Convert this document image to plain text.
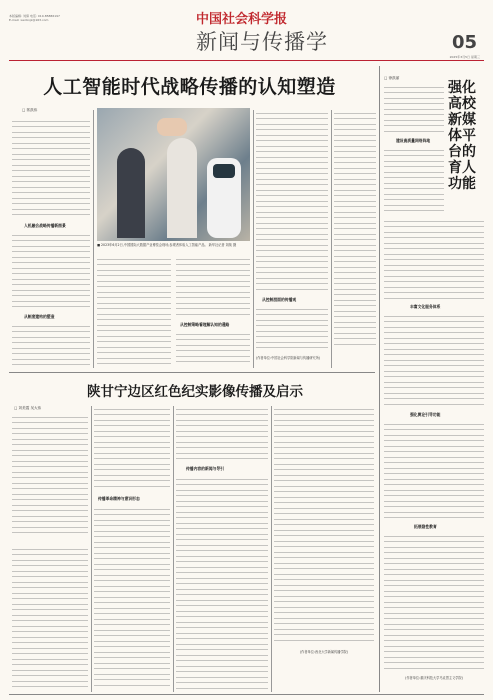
本版编辑: 刘倩 电话: 010-85886197
E-mail: xwcbxjz@163.com	中国社会科学报
新闻与传播学	05
2025年3月5日 星期三
人工智能时代战略传播的认知塑造
□ 郭凯伟
人机融合战略传播新图景
从制度建构的塑造
■ 2023年6月2日,中国国际大数据产业博览会现场,参观者体验人工智能产品。 新华社记者 刘续 摄
从控制策略看理解认知的通路
从控制层面的传播观
(作者单位:中国社会科学院新闻与传播研究所)
强化高校新媒体平台的育人功能
□ 徐凯丽
建设高质量网络阵地
丰富文化服务体系
强化舆论引导功能
拓展隐性教育
(作者单位:重庆科技大学马克思主义学院)
陕甘宁边区红色纪实影像传播及启示
□ 刘美霞 吴大伟
传播革命精神与意识形态
传播内容的新闻与导引
(作者单位:西北大学新闻传播学院)
